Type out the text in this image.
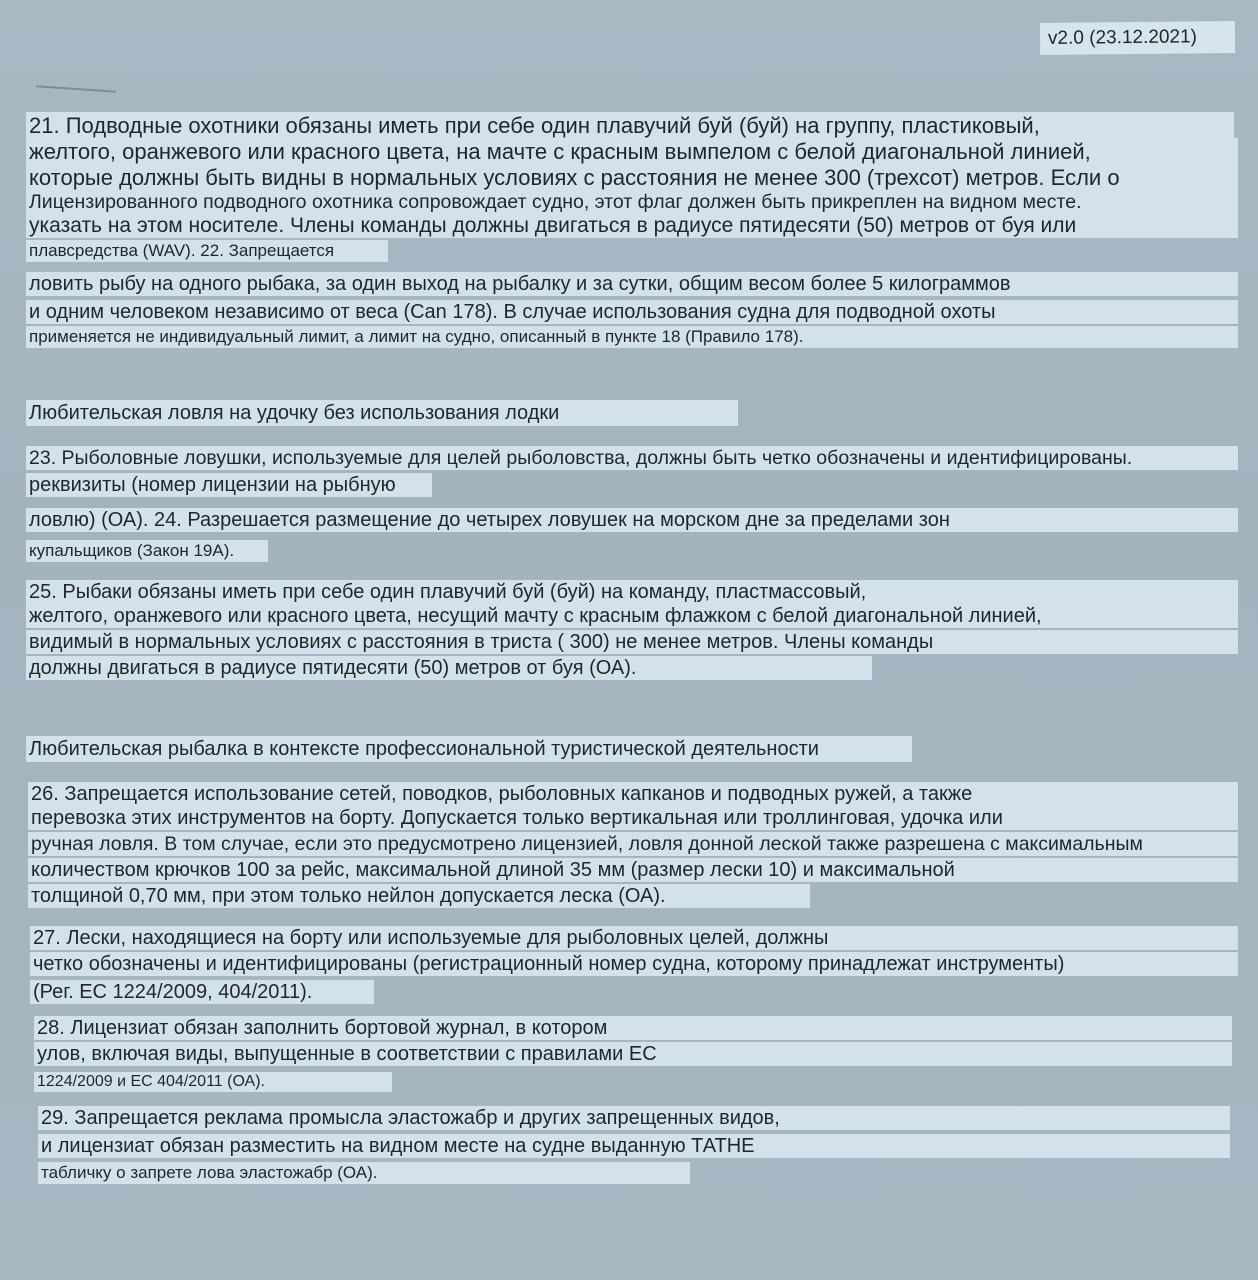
v2.0 (23.12.2021)
21. Подводные охотники обязаны иметь при себе один плавучий буй (буй) на группу, пластиковый,
желтого, оранжевого или красного цвета, на мачте с красным вымпелом с белой диагональной линией,
которые должны быть видны в нормальных условиях с расстояния не менее 300 (трехсот) метров. Если о
Лицензированного подводного охотника сопровождает судно, этот флаг должен быть прикреплен на видном месте.
указать на этом носителе. Члены команды должны двигаться в радиусе пятидесяти (50) метров от буя или
плавсредства (WAV). 22. Запрещается
ловить рыбу на одного рыбака, за один выход на рыбалку и за сутки, общим весом более 5 килограммов
и одним человеком независимо от веса (Can 178). В случае использования судна для подводной охоты
применяется не индивидуальный лимит, а лимит на судно, описанный в пункте 18 (Правило 178).
Любительская ловля на удочку без использования лодки
23. Рыболовные ловушки, используемые для целей рыболовства, должны быть четко обозначены и идентифицированы.
реквизиты (номер лицензии на рыбную
ловлю) (ОА). 24. Разрешается размещение до четырех ловушек на морском дне за пределами зон
купальщиков (Закон 19А).
25. Рыбаки обязаны иметь при себе один плавучий буй (буй) на команду, пластмассовый,
желтого, оранжевого или красного цвета, несущий мачту с красным флажком с белой диагональной линией,
видимый в нормальных условиях с расстояния в триста ( 300) не менее метров. Члены команды
должны двигаться в радиусе пятидесяти (50) метров от буя (ОА).
Любительская рыбалка в контексте профессиональной туристической деятельности
26. Запрещается использование сетей, поводков, рыболовных капканов и подводных ружей, а также
перевозка этих инструментов на борту. Допускается только вертикальная или троллинговая, удочка или
ручная ловля. В том случае, если это предусмотрено лицензией, ловля донной леской также разрешена с максимальным
количеством крючков 100 за рейс, максимальной длиной 35 мм (размер лески 10) и максимальной
толщиной 0,70 мм, при этом только нейлон допускается леска (ОА).
27. Лески, находящиеся на борту или используемые для рыболовных целей, должны
четко обозначены и идентифицированы (регистрационный номер судна, которому принадлежат инструменты)
(Рег. ЕС 1224/2009, 404/2011).
28. Лицензиат обязан заполнить бортовой журнал, в котором
улов, включая виды, выпущенные в соответствии с правилами ЕС
1224/2009 и ЕС 404/2011 (ОА).
29. Запрещается реклама промысла эластожабр и других запрещенных видов,
и лицензиат обязан разместить на видном месте на судне выданную ТАТНЕ
табличку о запрете лова эластожабр (ОА).
